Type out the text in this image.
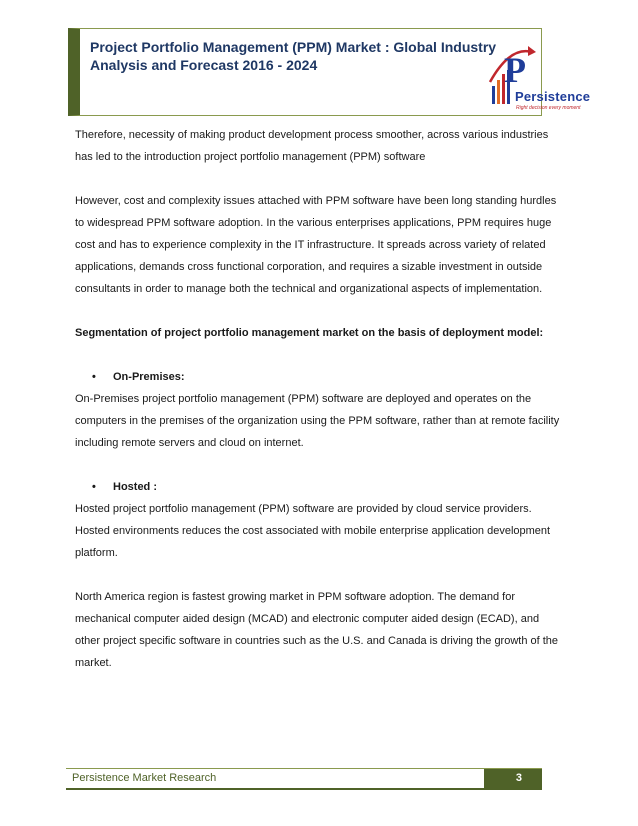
Project Portfolio Management (PPM) Market : Global Industry Analysis and Forecast 2016 - 2024	P
Persistence
Right decision every moment

Therefore, necessity of making product development process smoother, across various industries has led to the introduction project portfolio management (PPM) software

However, cost and complexity issues attached with PPM software have been long standing hurdles to widespread PPM software adoption. In the various enterprises applications, PPM requires huge cost and has to experience complexity in the IT infrastructure. It spreads across variety of related applications, demands cross functional corporation, and requires a sizable investment in outside consultants in order to manage both the technical and organizational aspects of implementation.

Segmentation of project portfolio management market on the basis of deployment model:

• On-Premises:

On-Premises project portfolio management (PPM) software are deployed and operates on the computers in the premises of the organization using the PPM software, rather than at remote facility including remote servers and cloud on internet.

• Hosted :

Hosted project portfolio management (PPM) software are provided by cloud service providers. Hosted environments reduces the cost associated with mobile enterprise application development platform.

North America region is fastest growing market in PPM software adoption. The demand for mechanical computer aided design (MCAD) and electronic computer aided design (ECAD), and other project specific software in countries such as the U.S. and Canada is driving the growth of the market.

Persistence Market Research	3
